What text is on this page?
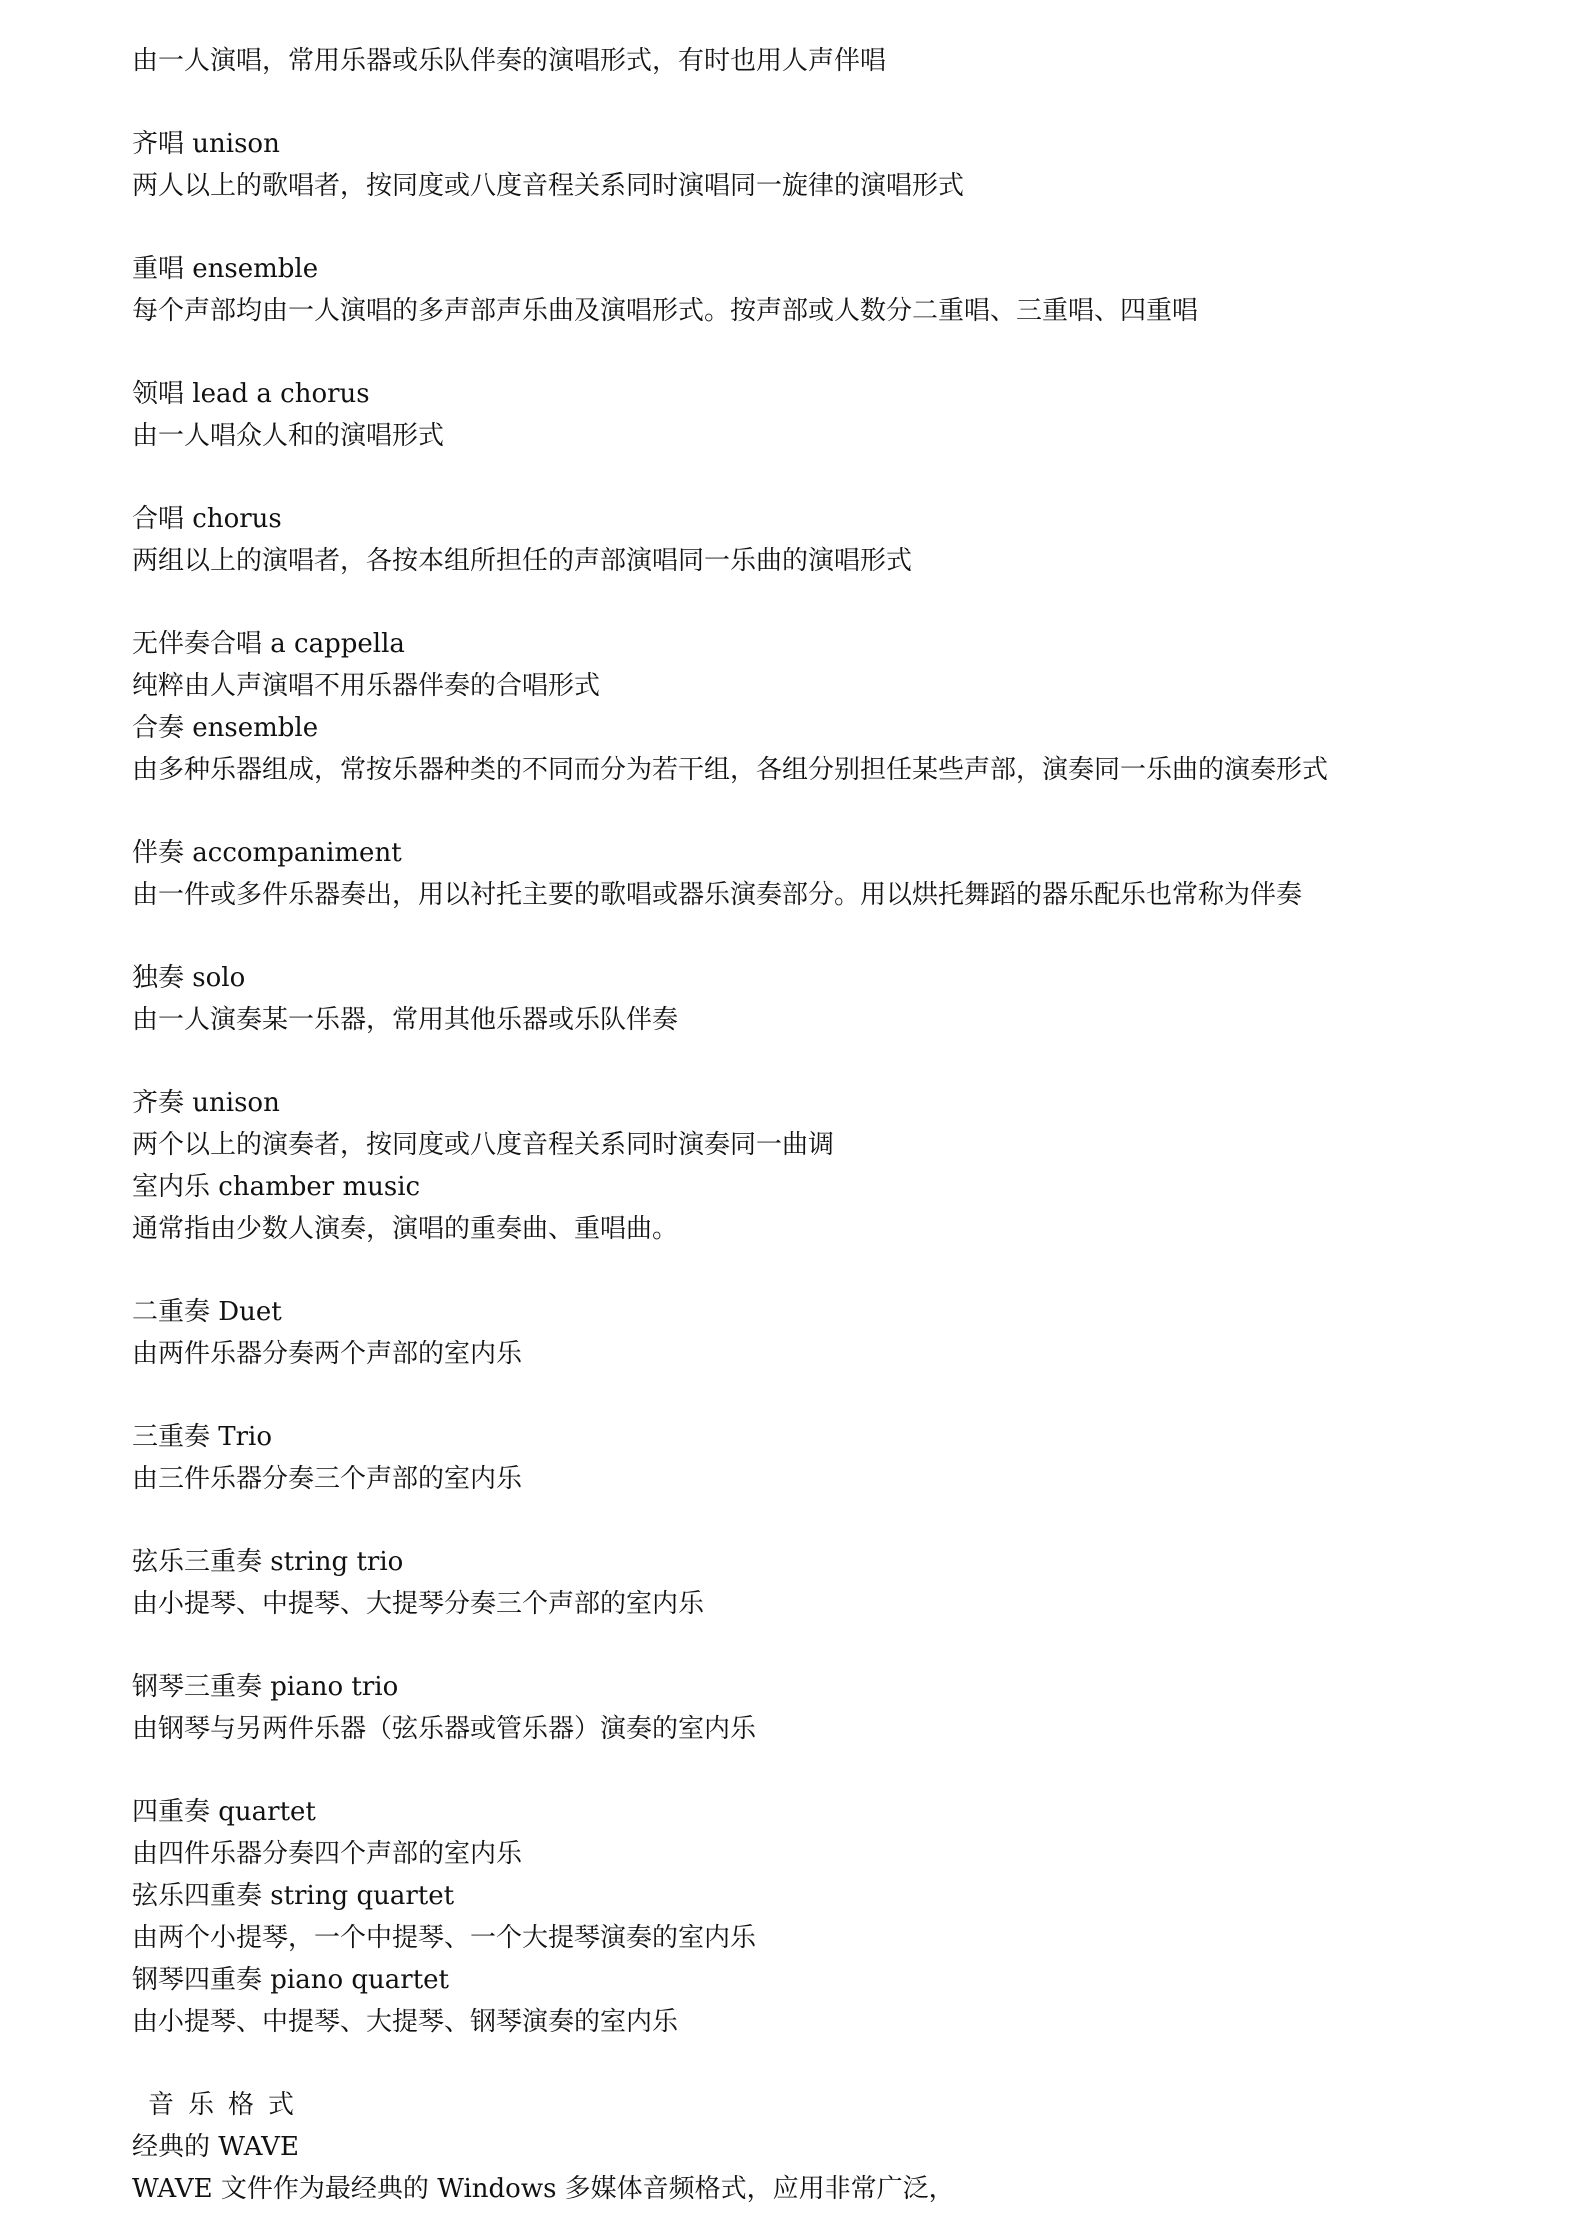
由一人演唱，常用乐器或乐队伴奏的演唱形式，有时也用人声伴唱
齐唱 unison
两人以上的歌唱者，按同度或八度音程关系同时演唱同一旋律的演唱形式
重唱 ensemble
每个声部均由一人演唱的多声部声乐曲及演唱形式。按声部或人数分二重唱、三重唱、四重唱
领唱 lead a chorus
由一人唱众人和的演唱形式
合唱 chorus
两组以上的演唱者，各按本组所担任的声部演唱同一乐曲的演唱形式
无伴奏合唱 a cappella
纯粹由人声演唱不用乐器伴奏的合唱形式
合奏 ensemble
由多种乐器组成，常按乐器种类的不同而分为若干组，各组分别担任某些声部，演奏同一乐曲的演奏形式
伴奏 accompaniment
由一件或多件乐器奏出，用以衬托主要的歌唱或器乐演奏部分。用以烘托舞蹈的器乐配乐也常称为伴奏
独奏 solo
由一人演奏某一乐器，常用其他乐器或乐队伴奏
齐奏 unison
两个以上的演奏者，按同度或八度音程关系同时演奏同一曲调
室内乐 chamber music
通常指由少数人演奏，演唱的重奏曲、重唱曲。
二重奏 Duet
由两件乐器分奏两个声部的室内乐
三重奏 Trio
由三件乐器分奏三个声部的室内乐
弦乐三重奏 string trio
由小提琴、中提琴、大提琴分奏三个声部的室内乐
钢琴三重奏 piano trio
由钢琴与另两件乐器（弦乐器或管乐器）演奏的室内乐
四重奏 quartet
由四件乐器分奏四个声部的室内乐
弦乐四重奏 string quartet
由两个小提琴，一个中提琴、一个大提琴演奏的室内乐
钢琴四重奏 piano quartet
由小提琴、中提琴、大提琴、钢琴演奏的室内乐
音乐格式
经典的 WAVE
WAVE 文件作为最经典的 Windows 多媒体音频格式，应用非常广泛，
